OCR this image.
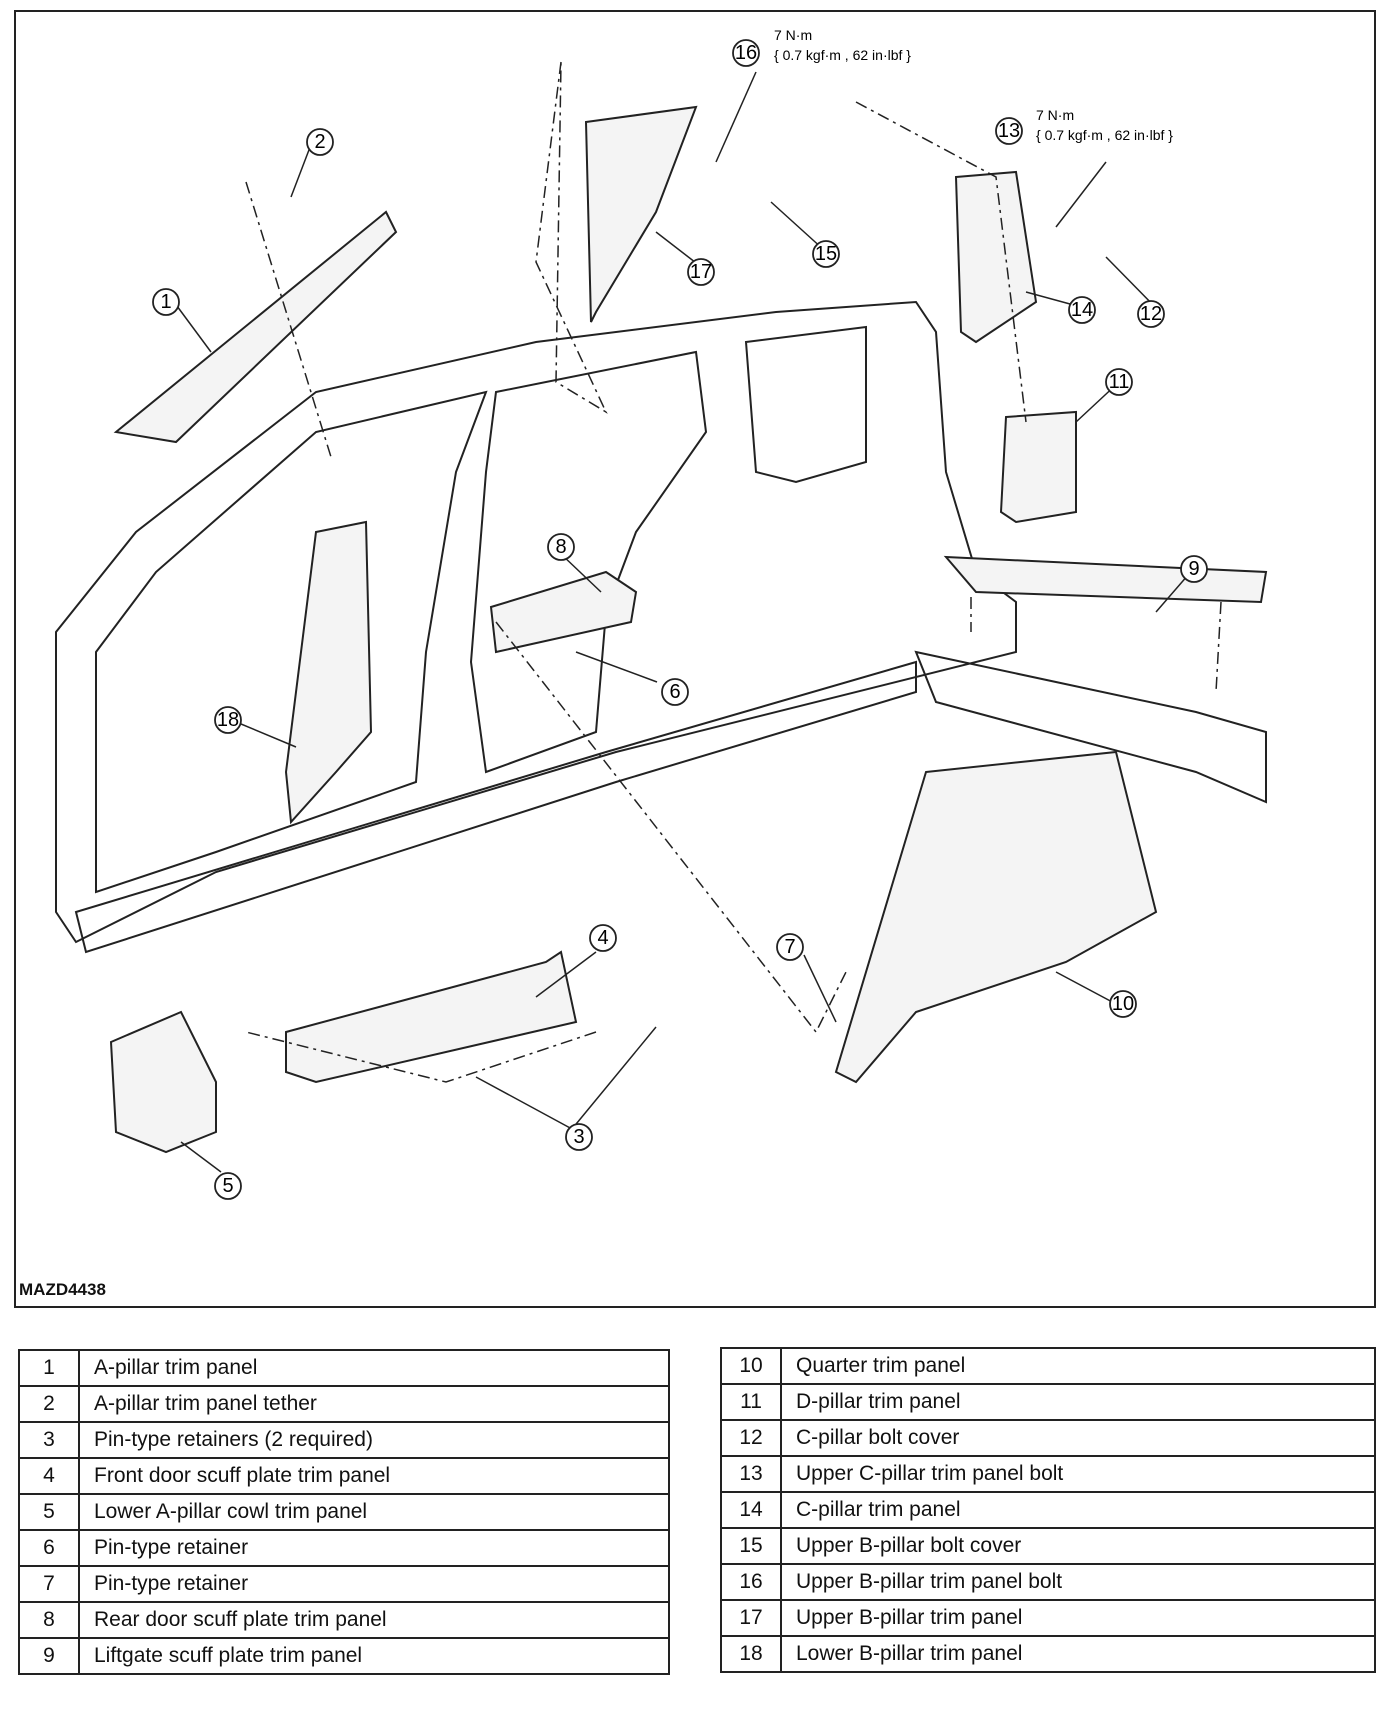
1
2
3
4
5
6
7
8
9
10
11
12
14
15
17
18
16
13
7 N·m
{ 0.7 kgf·m , 62 in·lbf }
7 N·m
{ 0.7 kgf·m , 62 in·lbf }
MAZD4438
1	A-pillar trim panel
2	A-pillar trim panel tether
3	Pin-type retainers (2 required)
4	Front door scuff plate trim panel
5	Lower A-pillar cowl trim panel
6	Pin-type retainer
7	Pin-type retainer
8	Rear door scuff plate trim panel
9	Liftgate scuff plate trim panel
10	Quarter trim panel
11	D-pillar trim panel
12	C-pillar bolt cover
13	Upper C-pillar trim panel bolt
14	C-pillar trim panel
15	Upper B-pillar bolt cover
16	Upper B-pillar trim panel bolt
17	Upper B-pillar trim panel
18	Lower B-pillar trim panel
